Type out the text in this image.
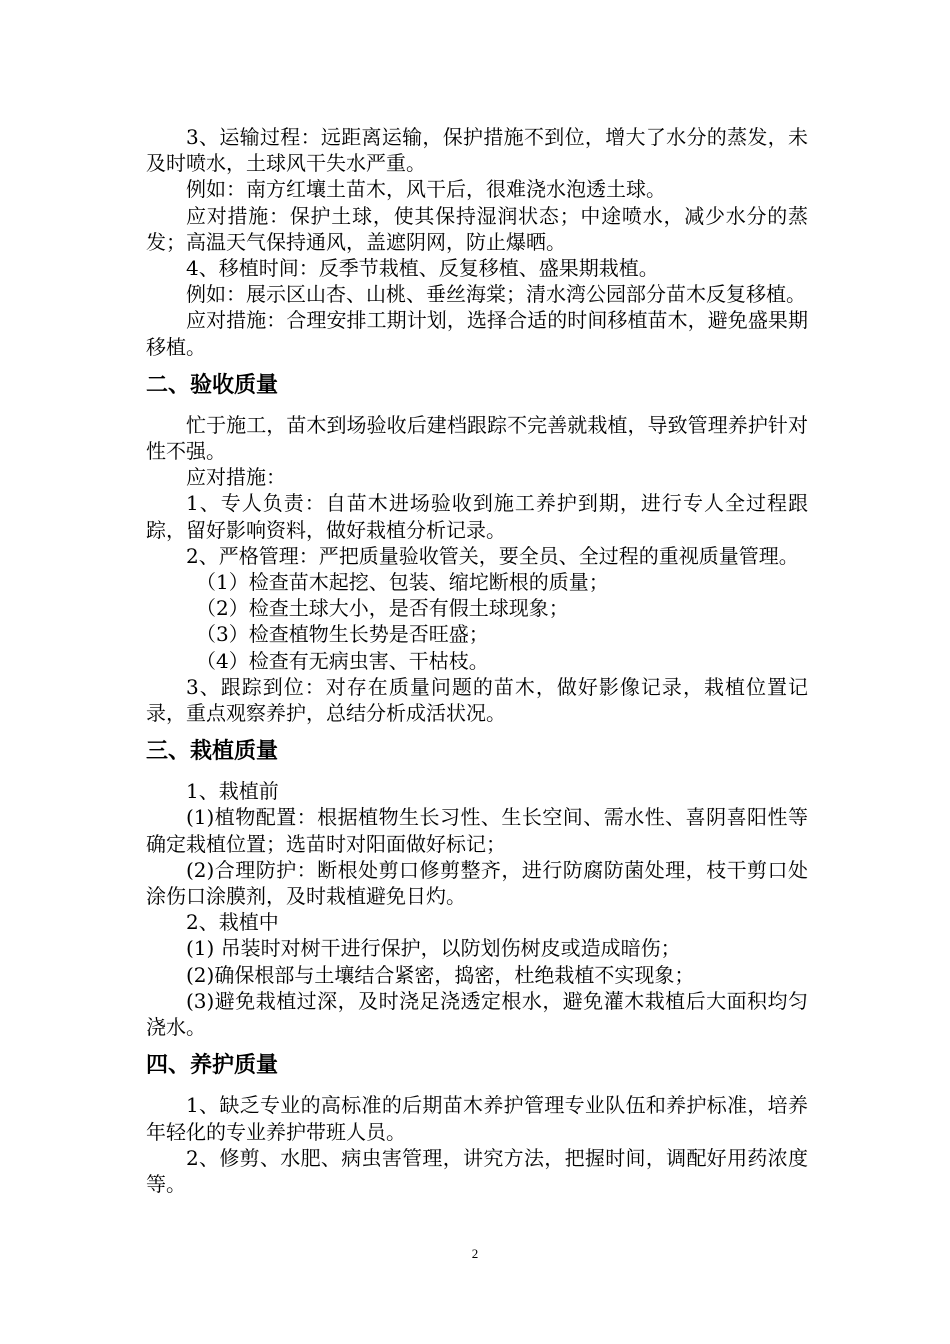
3、运输过程：远距离运输，保护措施不到位，增大了水分的蒸发，未及时喷水，土球风干失水严重。

例如：南方红壤土苗木，风干后，很难浇水泡透土球。

应对措施：保护土球，使其保持湿润状态；中途喷水，减少水分的蒸发；高温天气保持通风，盖遮阴网，防止爆晒。

4、移植时间：反季节栽植、反复移植、盛果期栽植。

例如：展示区山杏、山桃、垂丝海棠；清水湾公园部分苗木反复移植。

应对措施：合理安排工期计划，选择合适的时间移植苗木，避免盛果期移植。

二、验收质量

忙于施工，苗木到场验收后建档跟踪不完善就栽植，导致管理养护针对性不强。

应对措施：

1、专人负责：自苗木进场验收到施工养护到期，进行专人全过程跟踪，留好影响资料，做好栽植分析记录。

2、严格管理：严把质量验收管关，要全员、全过程的重视质量管理。

（1）检查苗木起挖、包装、缩坨断根的质量；

（2）检查土球大小，是否有假土球现象；

（3）检查植物生长势是否旺盛；

（4）检查有无病虫害、干枯枝。

3、跟踪到位：对存在质量问题的苗木，做好影像记录，栽植位置记录，重点观察养护，总结分析成活状况。

三、栽植质量

1、栽植前

(1)植物配置：根据植物生长习性、生长空间、需水性、喜阴喜阳性等确定栽植位置；选苗时对阳面做好标记；

(2)合理防护：断根处剪口修剪整齐，进行防腐防菌处理，枝干剪口处涂伤口涂膜剂，及时栽植避免日灼。

2、栽植中

(1) 吊装时对树干进行保护，以防划伤树皮或造成暗伤；

(2)确保根部与土壤结合紧密，捣密，杜绝栽植不实现象；

(3)避免栽植过深，及时浇足浇透定根水，避免灌木栽植后大面积均匀浇水。

四、养护质量

1、缺乏专业的高标准的后期苗木养护管理专业队伍和养护标准，培养年轻化的专业养护带班人员。

2、修剪、水肥、病虫害管理，讲究方法，把握时间，调配好用药浓度等。

2
